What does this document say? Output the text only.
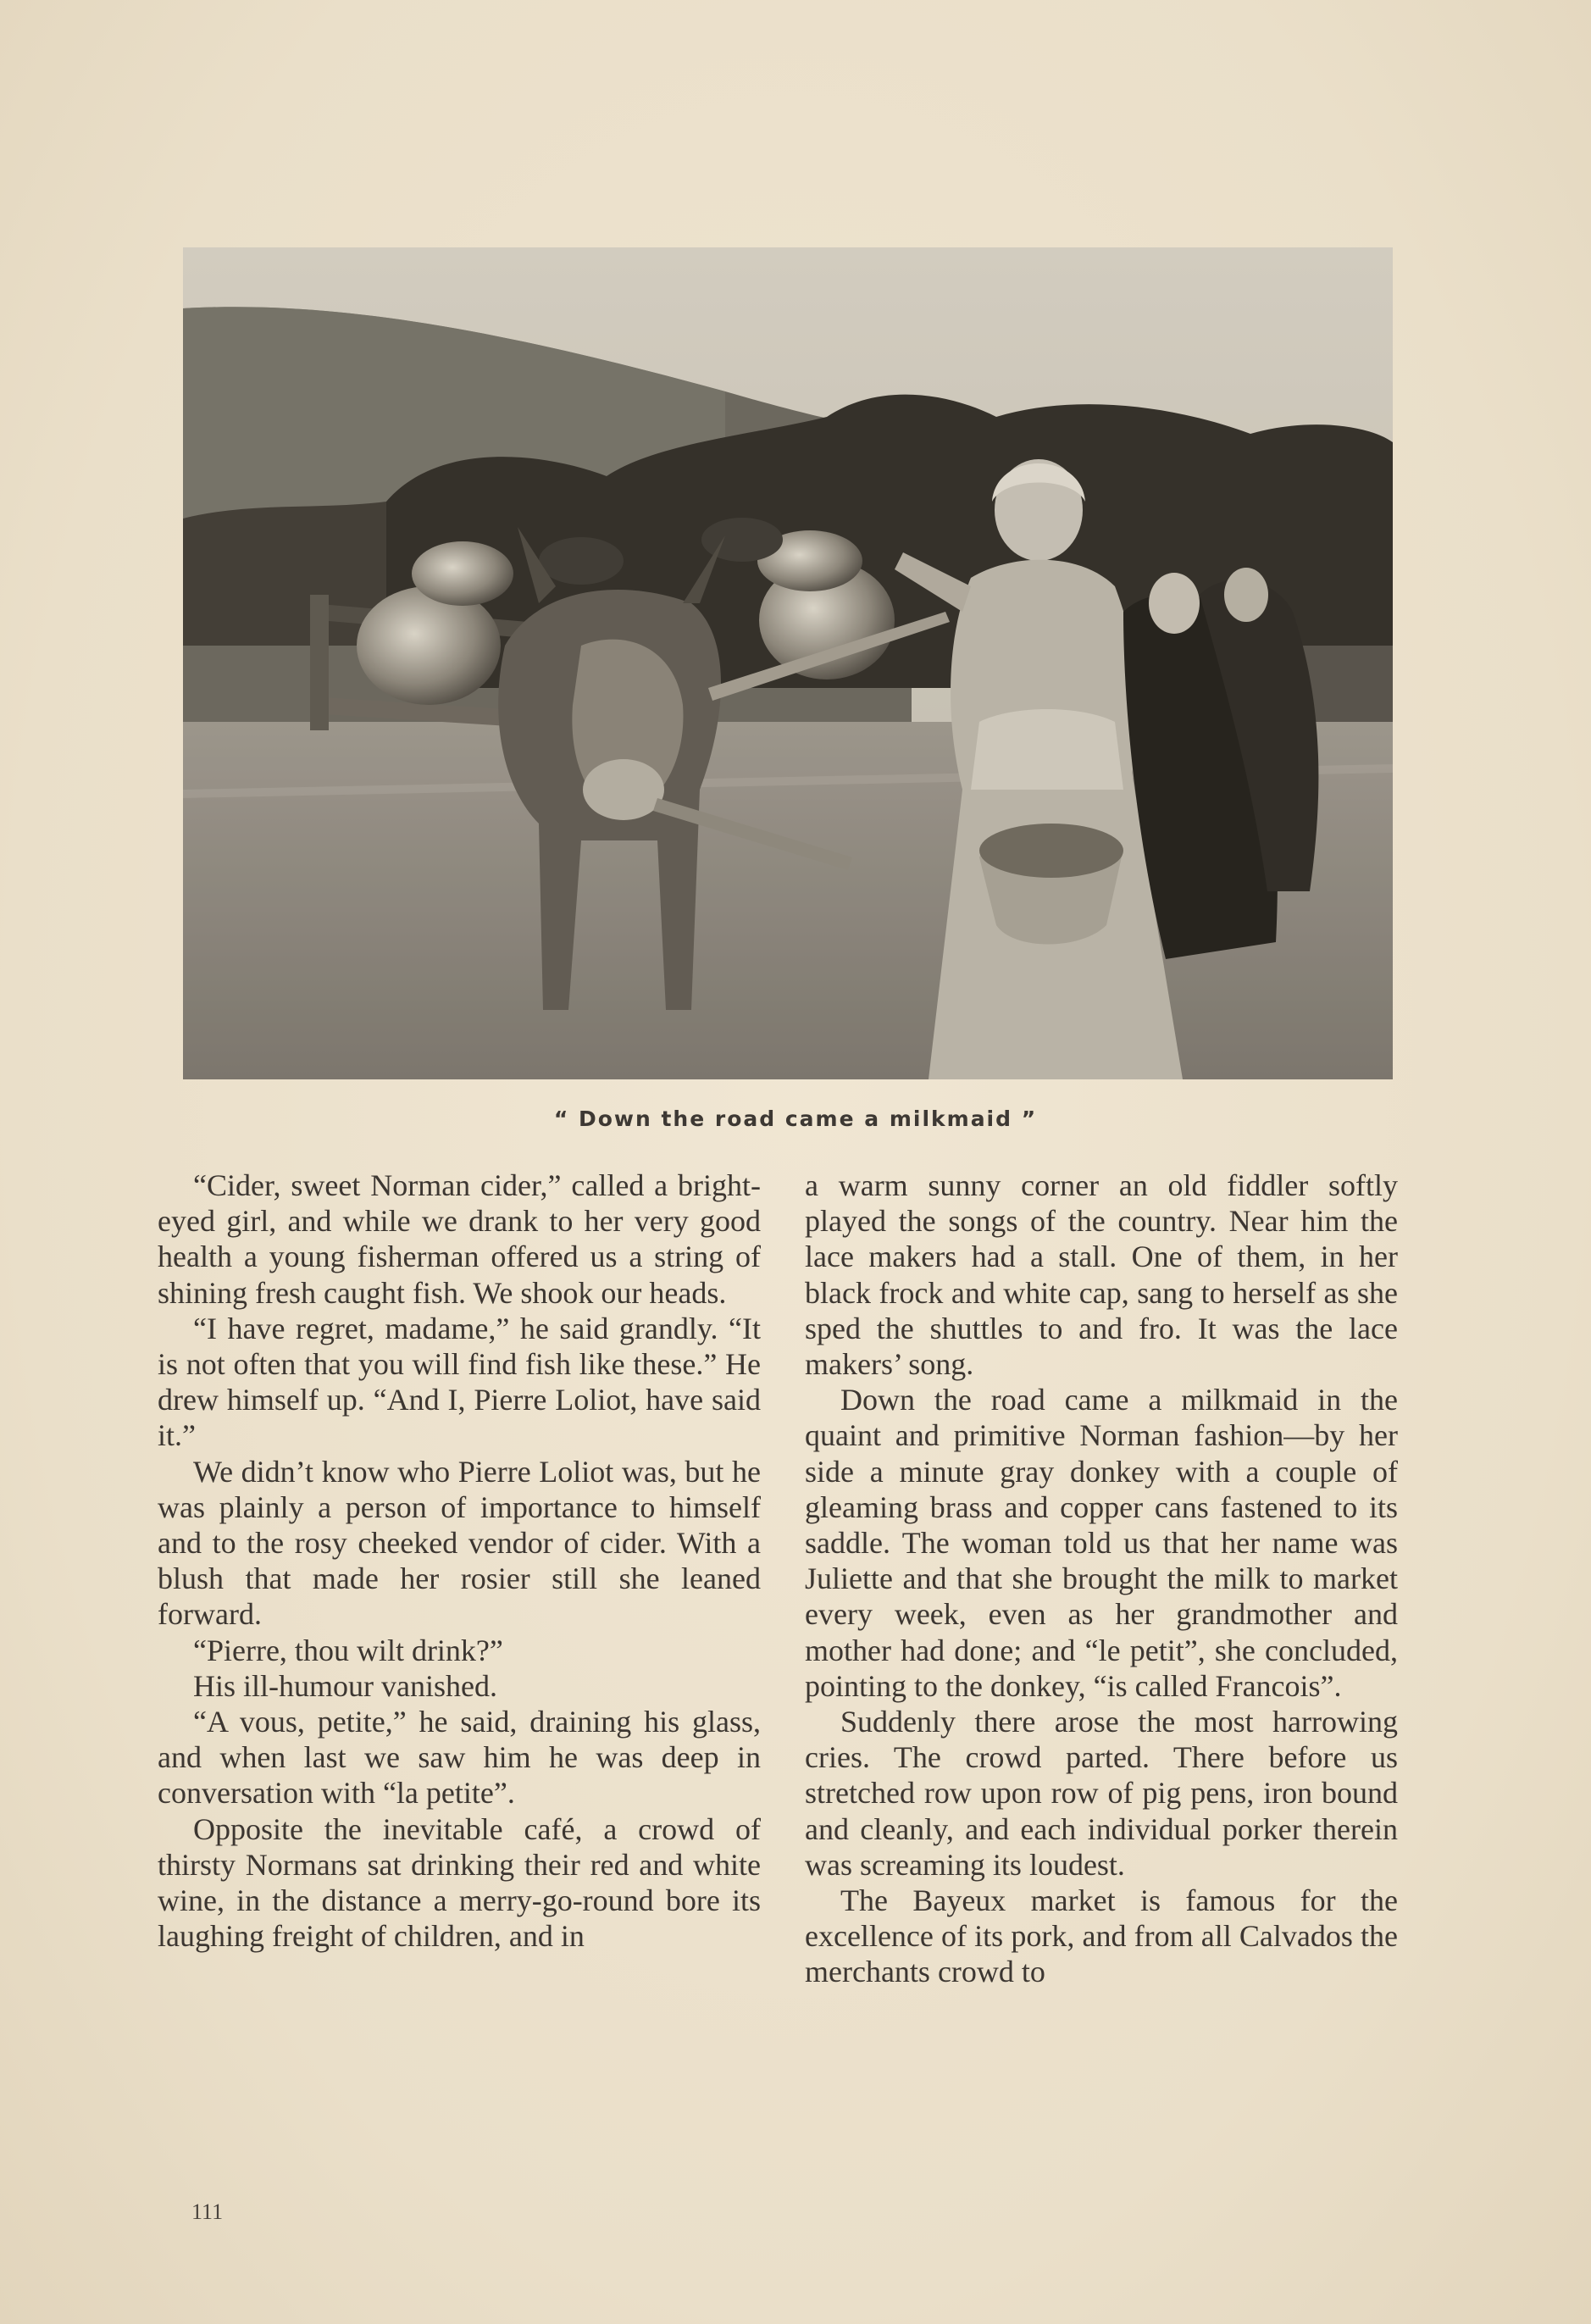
“ Down the road came a milkmaid ”

“Cider, sweet Norman cider,” called a bright-eyed girl, and while we drank to her very good health a young fisherman offered us a string of shining fresh caught fish. We shook our heads.

“I have regret, madame,” he said grandly. “It is not often that you will find fish like these.” He drew himself up. “And I, Pierre Loliot, have said it.”

We didn’t know who Pierre Loliot was, but he was plainly a person of importance to himself and to the rosy cheeked vendor of cider. With a blush that made her rosier still she leaned forward.

“Pierre, thou wilt drink?”

His ill-humour vanished.

“A vous, petite,” he said, draining his glass, and when last we saw him he was deep in conversation with “la petite”.

Opposite the inevitable café, a crowd of thirsty Normans sat drinking their red and white wine, in the distance a merry-go-round bore its laughing freight of children, and in

a warm sunny corner an old fiddler softly played the songs of the country. Near him the lace makers had a stall. One of them, in her black frock and white cap, sang to herself as she sped the shuttles to and fro. It was the lace makers’ song.

Down the road came a milkmaid in the quaint and primitive Norman fashion—by her side a minute gray donkey with a couple of gleaming brass and copper cans fastened to its saddle. The woman told us that her name was Juliette and that she brought the milk to market every week, even as her grandmother and mother had done; and “le petit”, she concluded, pointing to the donkey, “is called Francois”.

Suddenly there arose the most harrowing cries. The crowd parted. There before us stretched row upon row of pig pens, iron bound and cleanly, and each individual porker therein was screaming its loudest.

The Bayeux market is famous for the excellence of its pork, and from all Calvados the merchants crowd to

111
